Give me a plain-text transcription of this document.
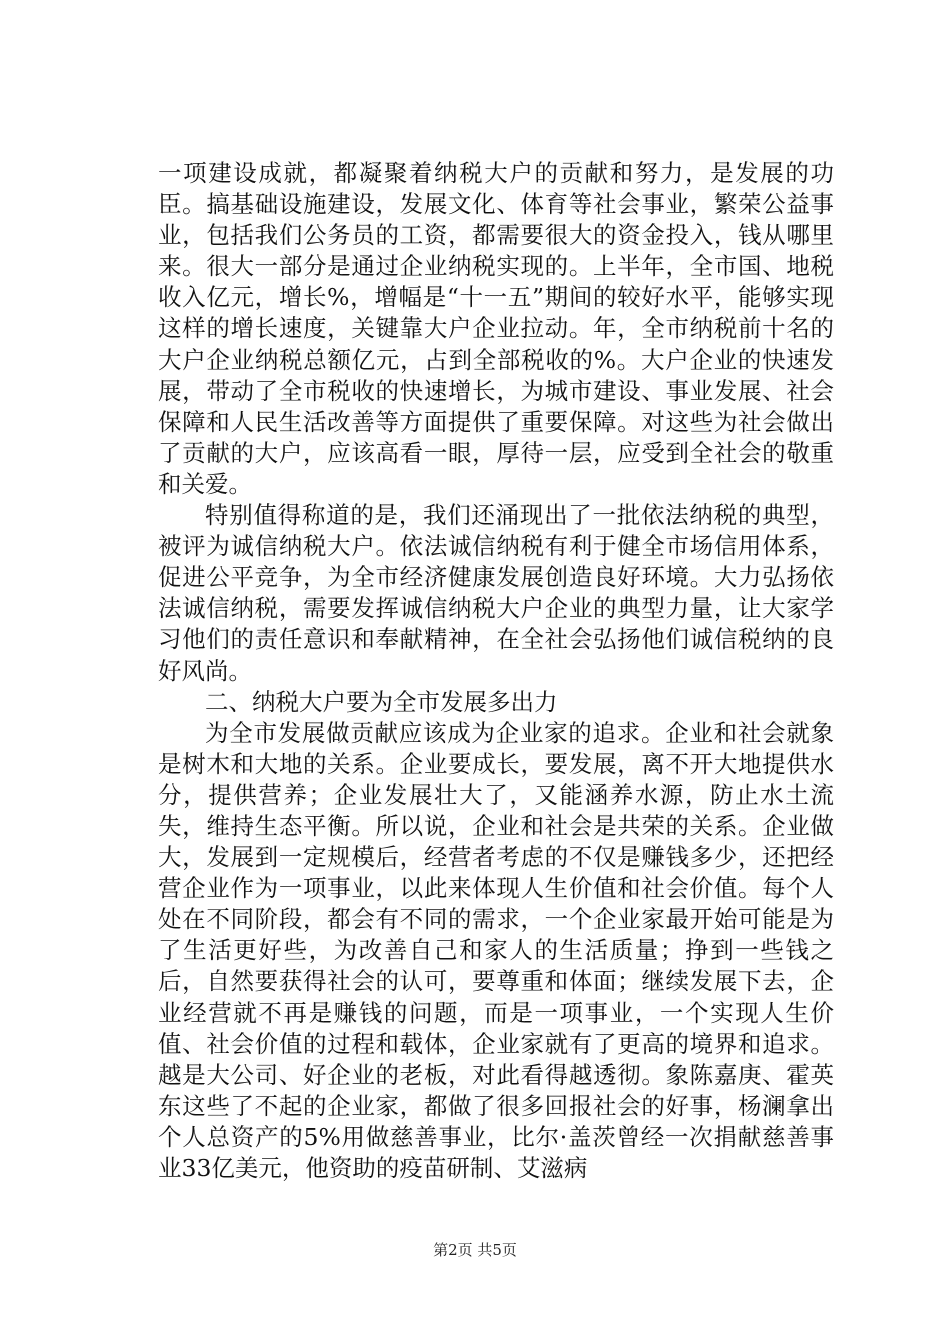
一项建设成就，都凝聚着纳税大户的贡献和努力，是发展的功臣。搞基础设施建设，发展文化、体育等社会事业，繁荣公益事业，包括我们公务员的工资，都需要很大的资金投入，钱从哪里来。很大一部分是通过企业纳税实现的。上半年，全市国、地税收入亿元，增长%，增幅是“十一五”期间的较好水平，能够实现这样的增长速度，关键靠大户企业拉动。年，全市纳税前十名的大户企业纳税总额亿元，占到全部税收的%。大户企业的快速发展，带动了全市税收的快速增长，为城市建设、事业发展、社会保障和人民生活改善等方面提供了重要保障。对这些为社会做出了贡献的大户，应该高看一眼，厚待一层，应受到全社会的敬重和关爱。

特别值得称道的是，我们还涌现出了一批依法纳税的典型，被评为诚信纳税大户。依法诚信纳税有利于健全市场信用体系，促进公平竞争，为全市经济健康发展创造良好环境。大力弘扬依法诚信纳税，需要发挥诚信纳税大户企业的典型力量，让大家学习他们的责任意识和奉献精神，在全社会弘扬他们诚信税纳的良好风尚。

二、纳税大户要为全市发展多出力

为全市发展做贡献应该成为企业家的追求。企业和社会就象是树木和大地的关系。企业要成长，要发展，离不开大地提供水分，提供营养；企业发展壮大了，又能涵养水源，防止水土流失，维持生态平衡。所以说，企业和社会是共荣的关系。企业做大，发展到一定规模后，经营者考虑的不仅是赚钱多少，还把经营企业作为一项事业，以此来体现人生价值和社会价值。每个人处在不同阶段，都会有不同的需求，一个企业家最开始可能是为了生活更好些，为改善自己和家人的生活质量；挣到一些钱之后，自然要获得社会的认可，要尊重和体面；继续发展下去，企业经营就不再是赚钱的问题，而是一项事业，一个实现人生价值、社会价值的过程和载体，企业家就有了更高的境界和追求。越是大公司、好企业的老板，对此看得越透彻。象陈嘉庚、霍英东这些了不起的企业家，都做了很多回报社会的好事，杨澜拿出个人总资产的5%用做慈善事业，比尔·盖茨曾经一次捐献慈善事业33亿美元，他资助的疫苗研制、艾滋病

第2页 共5页
